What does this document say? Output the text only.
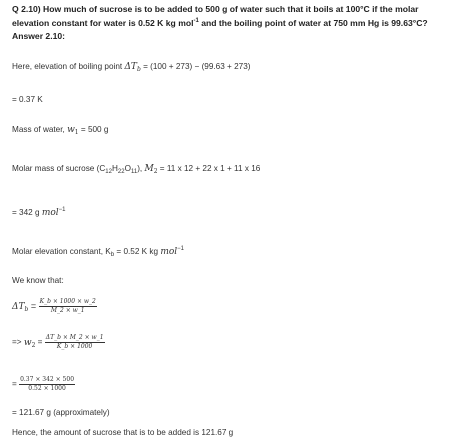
Q 2.10) How much of sucrose is to be added to 500 g of water such that it boils at 100°C if the molar elevation constant for water is 0.52 K kg mol$^{-1}$ and the boiling point of water at 750 mm Hg is 99.63°C?
Answer 2.10:
Here, elevation of boiling point $\Delta T_b = (100 + 273) - (99.63 + 273)$
= 0.37 K
Mass of water, $w_1 = 500$ g
Molar mass of sucrose $(C_{12}H_{22}O_{11})$, $M_2 = 11$ x 12 + 22 x 1 + 11 x 16
= 342 g mol$^{-1}$
Molar elevation constant, $K_b = 0.52$ K kg mol$^{-1}$
We know that:
$\Delta T_b = \frac{K\_b \times 1000 \times w\_2}{M\_2 \times w\_1}$
=> $w_2 = \frac{\Delta T\_b \times M\_2 \times w\_1}{K\_b \times 1000}$
= $\frac{0.37 \times 342 \times 500}{0.52 \times 1000}$
= 121.67 g (approximately)
Hence, the amount of sucrose that is to be added is 121.67 g
